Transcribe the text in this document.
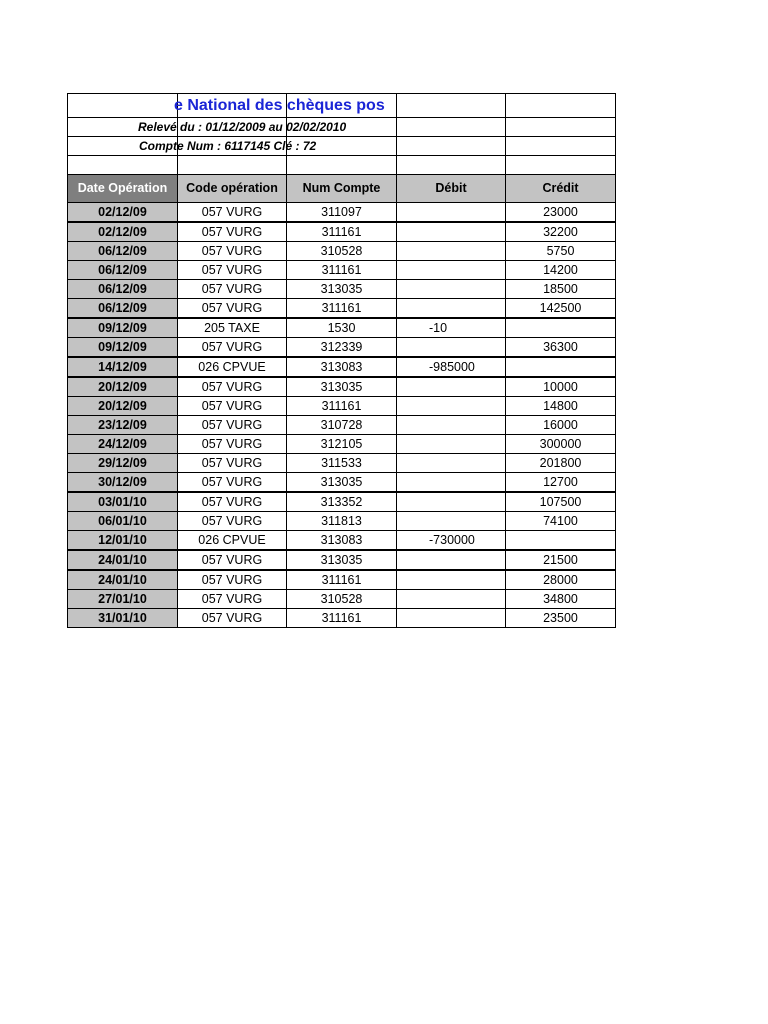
	e National des chèques pos			

	Relevé du : 01/12/2009 au 02/02/2010			

	Compte Num : 6117145 Clé : 72			

Date Opération	Code opération	Num Compte	Débit	Crédit
02/12/09	057 VURG	311097		23000
02/12/09	057 VURG	311161		32200
06/12/09	057 VURG	310528		5750
06/12/09	057 VURG	311161		14200
06/12/09	057 VURG	313035		18500
06/12/09	057 VURG	311161		142500
09/12/09	205 TAXE	1530	-10	
09/12/09	057 VURG	312339		36300
14/12/09	026 CPVUE	313083	-985000	
20/12/09	057 VURG	313035		10000
20/12/09	057 VURG	311161		14800
23/12/09	057 VURG	310728		16000
24/12/09	057 VURG	312105		300000
29/12/09	057 VURG	311533		201800
30/12/09	057 VURG	313035		12700
03/01/10	057 VURG	313352		107500
06/01/10	057 VURG	311813		74100
12/01/10	026 CPVUE	313083	-730000	
24/01/10	057 VURG	313035		21500
24/01/10	057 VURG	311161		28000
27/01/10	057 VURG	310528		34800
31/01/10	057 VURG	311161		23500
